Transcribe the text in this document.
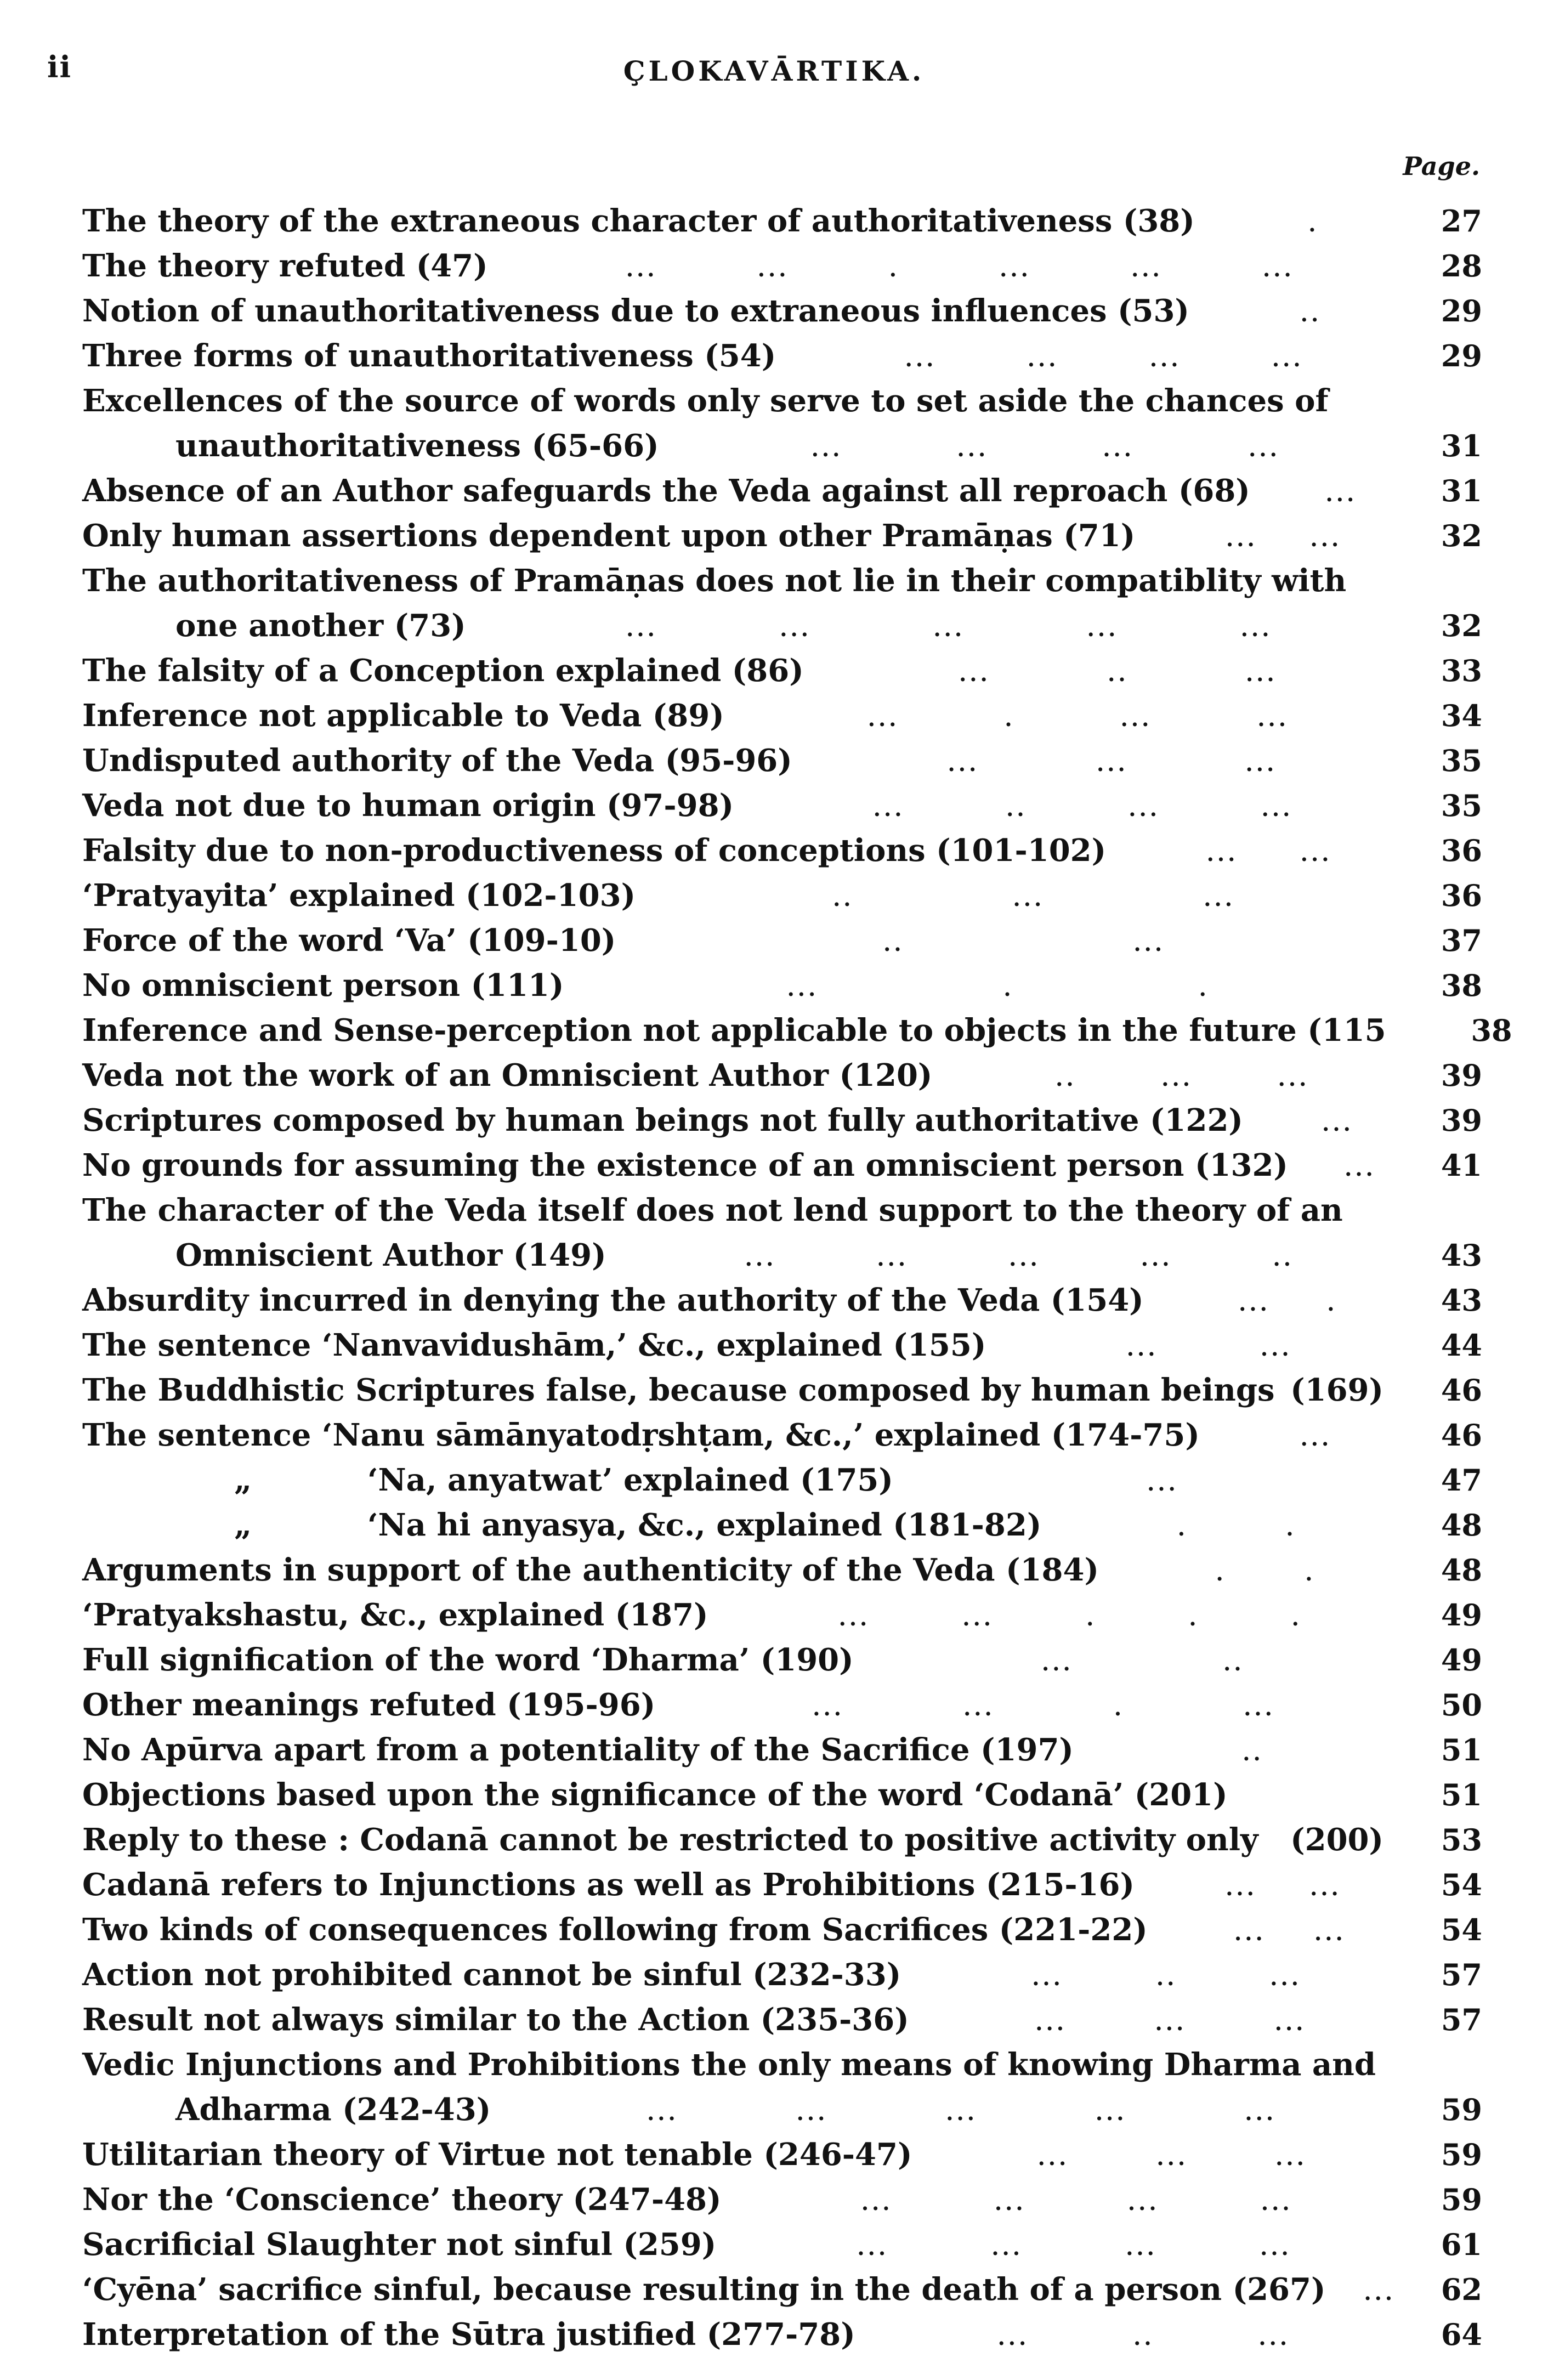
ii	ÇLOKAVĀRTIKA.
Page.
The theory of the extraneous character of authoritativeness (38)	.	27
The theory refuted (47)	...	...	.	...	...	...	28
Notion of unauthoritativeness due to extraneous influences (53)	..	29
Three forms of unauthoritativeness (54)	...	...	...	...	29
Excellences of the source of words only serve to set aside the chances of
unauthoritativeness (65-66)	...	...	...	...	31
Absence of an Author safeguards the Veda against all reproach (68)	...	31
Only human assertions dependent upon other Pramāṇas (71)	...	...	32
The authoritativeness of Pramāṇas does not lie in their compatiblity with
one another (73)	...	...	...	...	...	32
The falsity of a Conception explained (86)	...	..	...	33
Inference not applicable to Veda (89)	...	.	...	...	34
Undisputed authority of the Veda (95-96)	...	...	...	35
Veda not due to human origin (97-98)	...	..	...	...	35
Falsity due to non-productiveness of conceptions (101-102)	...	...	36
‘Pratyayita’ explained (102-103)	..	...	...	36
Force of the word ‘Va’ (109-10)	..	...	37
No omniscient person (111)	...	.	.	38
Inference and Sense-perception not applicable to objects in the future (115	38
Veda not the work of an Omniscient Author (120)	..	...	...	39
Scriptures composed by human beings not fully authoritative (122)	...	39
No grounds for assuming the existence of an omniscient person (132)	...	41
The character of the Veda itself does not lend support to the theory of an
Omniscient Author (149)	...	...	...	...	..	43
Absurdity incurred in denying the authority of the Veda (154)	...	.	43
The sentence ‘Nanvavidushām,’ &c., explained (155)	...	...	44
The Buddhistic Scriptures false, because composed by human beings (169)	46
The sentence ‘Nanu sāmānyatodṛshṭam, &c.,’ explained (174-75)	...	46
„	‘Na, anyatwat’ explained (175)	...	47
„	‘Na hi anyasya, &c., explained (181-82)	.	.	48
Arguments in support of the authenticity of the Veda (184)	.	.	48
‘Pratyakshastu, &c., explained (187)	...	...	.	.	.	49
Full signification of the word ‘Dharma’ (190)	...	..	49
Other meanings refuted (195-96)	...	...	.	...	50
No Apūrva apart from a potentiality of the Sacrifice (197)	..	51
Objections based upon the significance of the word ‘Codanā’ (201)	51
Reply to these : Codanā cannot be restricted to positive activity only (200)	53
Cadanā refers to Injunctions as well as Prohibitions (215-16)	...	...	54
Two kinds of consequences following from Sacrifices (221-22)	... ...	54
Action not prohibited cannot be sinful (232-33)	...	..	...	57
Result not always similar to the Action (235-36)	...	...	...	57
Vedic Injunctions and Prohibitions the only means of knowing Dharma and
Adharma (242-43)	...	...	...	...	...	59
Utilitarian theory of Virtue not tenable (246-47)	...	...	...	59
Nor the ‘Conscience’ theory (247-48)	...	...	...	...	59
Sacrificial Slaughter not sinful (259)	...	...	...	...	61
‘Cyēna’ sacrifice sinful, because resulting in the death of a person (267) ...	62
Interpretation of the Sūtra justified (277-78)	...	..	...	64
